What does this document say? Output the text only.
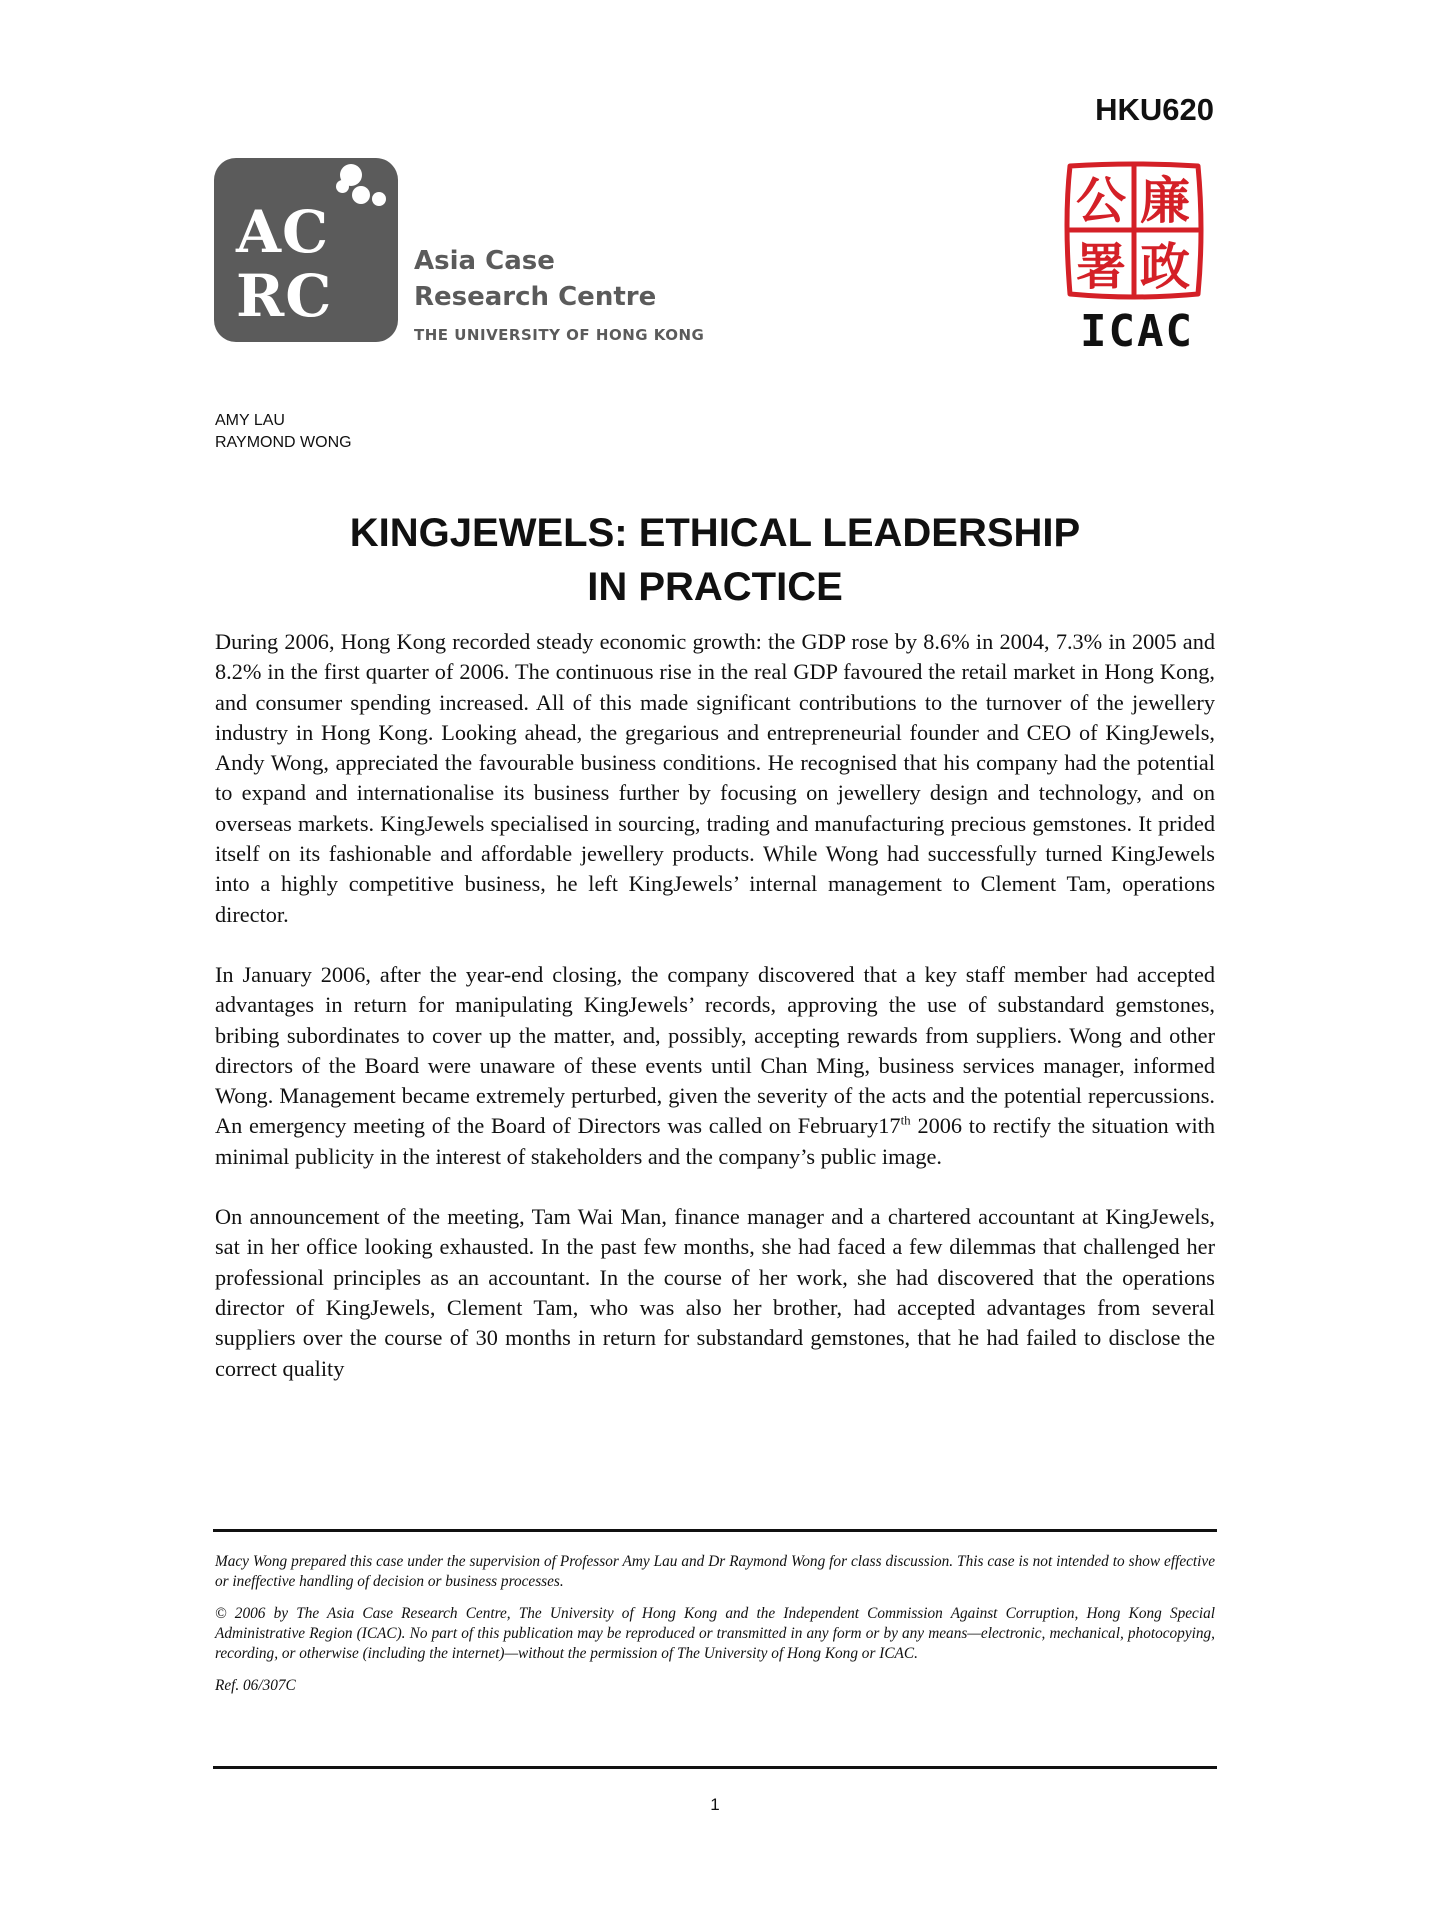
HKU620
AC
RC
Asia Case
Research Centre
THE UNIVERSITY OF HONG KONG
廉
政
公
署
ICAC
AMY LAU
RAYMOND WONG
KINGJEWELS: ETHICAL LEADERSHIP
IN PRACTICE

During 2006, Hong Kong recorded steady economic growth: the GDP rose by 8.6% in 2004, 7.3% in 2005 and 8.2% in the first quarter of 2006. The continuous rise in the real GDP favoured the retail market in Hong Kong, and consumer spending increased. All of this made significant contributions to the turnover of the jewellery industry in Hong Kong. Looking ahead, the gregarious and entrepreneurial founder and CEO of KingJewels, Andy Wong, appreciated the favourable business conditions. He recognised that his company had the potential to expand and internationalise its business further by focusing on jewellery design and technology, and on overseas markets. KingJewels specialised in sourcing, trading and manufacturing precious gemstones. It prided itself on its fashionable and affordable jewellery products. While Wong had successfully turned KingJewels into a highly competitive business, he left KingJewels’ internal management to Clement Tam, operations director.

In January 2006, after the year-end closing, the company discovered that a key staff member had accepted advantages in return for manipulating KingJewels’ records, approving the use of substandard gemstones, bribing subordinates to cover up the matter, and, possibly, accepting rewards from suppliers. Wong and other directors of the Board were unaware of these events until Chan Ming, business services manager, informed Wong. Management became extremely perturbed, given the severity of the acts and the potential repercussions. An emergency meeting of the Board of Directors was called on February17th 2006 to rectify the situation with minimal publicity in the interest of stakeholders and the company’s public image.

On announcement of the meeting, Tam Wai Man, finance manager and a chartered accountant at KingJewels, sat in her office looking exhausted. In the past few months, she had faced a few dilemmas that challenged her professional principles as an accountant. In the course of her work, she had discovered that the operations director of KingJewels, Clement Tam, who was also her brother, had accepted advantages from several suppliers over the course of 30 months in return for substandard gemstones, that he had failed to disclose the correct quality

Macy Wong prepared this case under the supervision of Professor Amy Lau and Dr Raymond Wong for class discussion. This case is not intended to show effective or ineffective handling of decision or business processes.

© 2006 by The Asia Case Research Centre, The University of Hong Kong and the Independent Commission Against Corruption, Hong Kong Special Administrative Region (ICAC). No part of this publication may be reproduced or transmitted in any form or by any means—electronic, mechanical, photocopying, recording, or otherwise (including the internet)—without the permission of The University of Hong Kong or ICAC.

Ref. 06/307C

1
